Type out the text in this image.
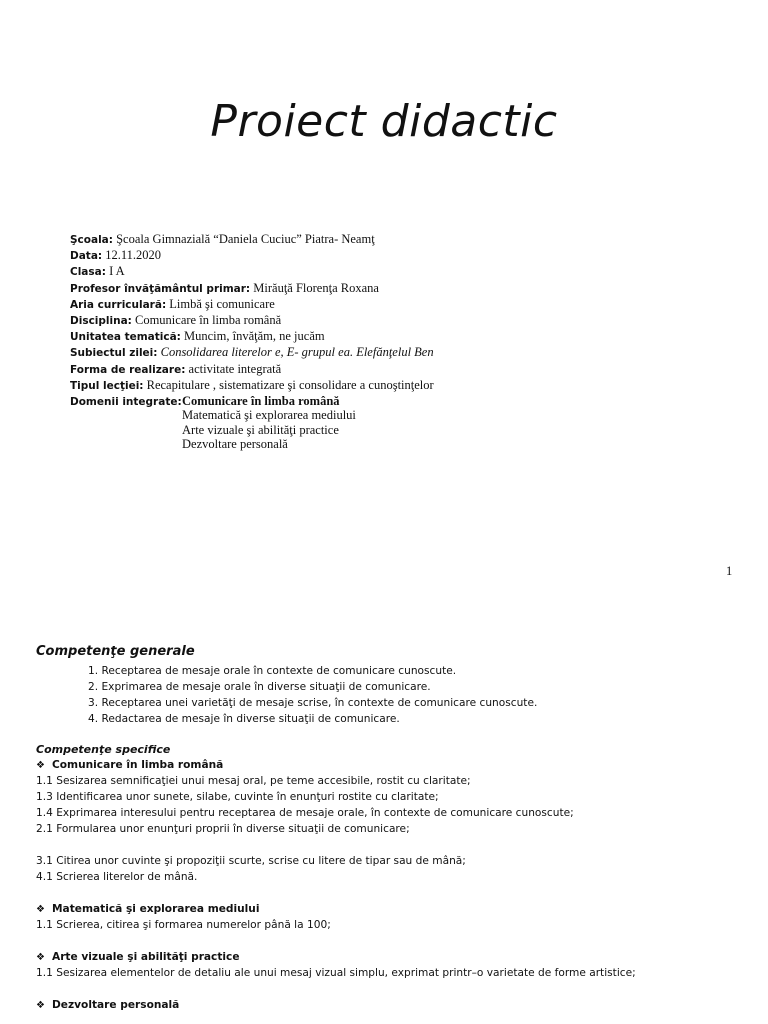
Proiect didactic
Şcoala: Şcoala Gimnazială “Daniela Cuciuc” Piatra- Neamţ
Data: 12.11.2020
Clasa: I A
Profesor învăţământul primar: Mirăuţă Florenţa Roxana
Aria curriculară: Limbă şi comunicare
Disciplina: Comunicare în limba română
Unitatea tematică: Muncim, învăţăm, ne jucăm
Subiectul zilei: Consolidarea literelor e, E- grupul ea. Elefănţelul Ben
Forma de realizare: activitate integrată
Tipul lecţiei: Recapitulare , sistematizare şi consolidare a cunoştinţelor
Domenii integrate: Comunicare în limba română
Matematică şi explorarea mediului
Arte vizuale şi abilităţi practice
Dezvoltare personală
1
Competenţe generale
1. Receptarea de mesaje orale în contexte de comunicare cunoscute.
2. Exprimarea de mesaje orale în diverse situaţii de comunicare.
3. Receptarea unei varietăţi de mesaje scrise, în contexte de comunicare cunoscute.
4. Redactarea de mesaje în diverse situaţii de comunicare.
Competenţe specifice
❖ Comunicare în limba română
1.1 Sesizarea semnificaţiei unui mesaj oral, pe teme accesibile, rostit cu claritate;
1.3 Identificarea unor sunete, silabe, cuvinte în enunţuri rostite cu claritate;
1.4 Exprimarea interesului pentru receptarea de mesaje orale, în contexte de comunicare cunoscute;
2.1 Formularea unor enunţuri proprii în diverse situaţii de comunicare;
3.1 Citirea unor cuvinte şi propoziţii scurte, scrise cu litere de tipar sau de mână;
4.1 Scrierea literelor de mână.
❖ Matematică şi explorarea mediului
1.1 Scrierea, citirea şi formarea numerelor până la 100;
❖ Arte vizuale şi abilităţi practice
1.1 Sesizarea elementelor de detaliu ale unui mesaj vizual simplu, exprimat printr–o varietate de forme artistice;
❖ Dezvoltare personală
